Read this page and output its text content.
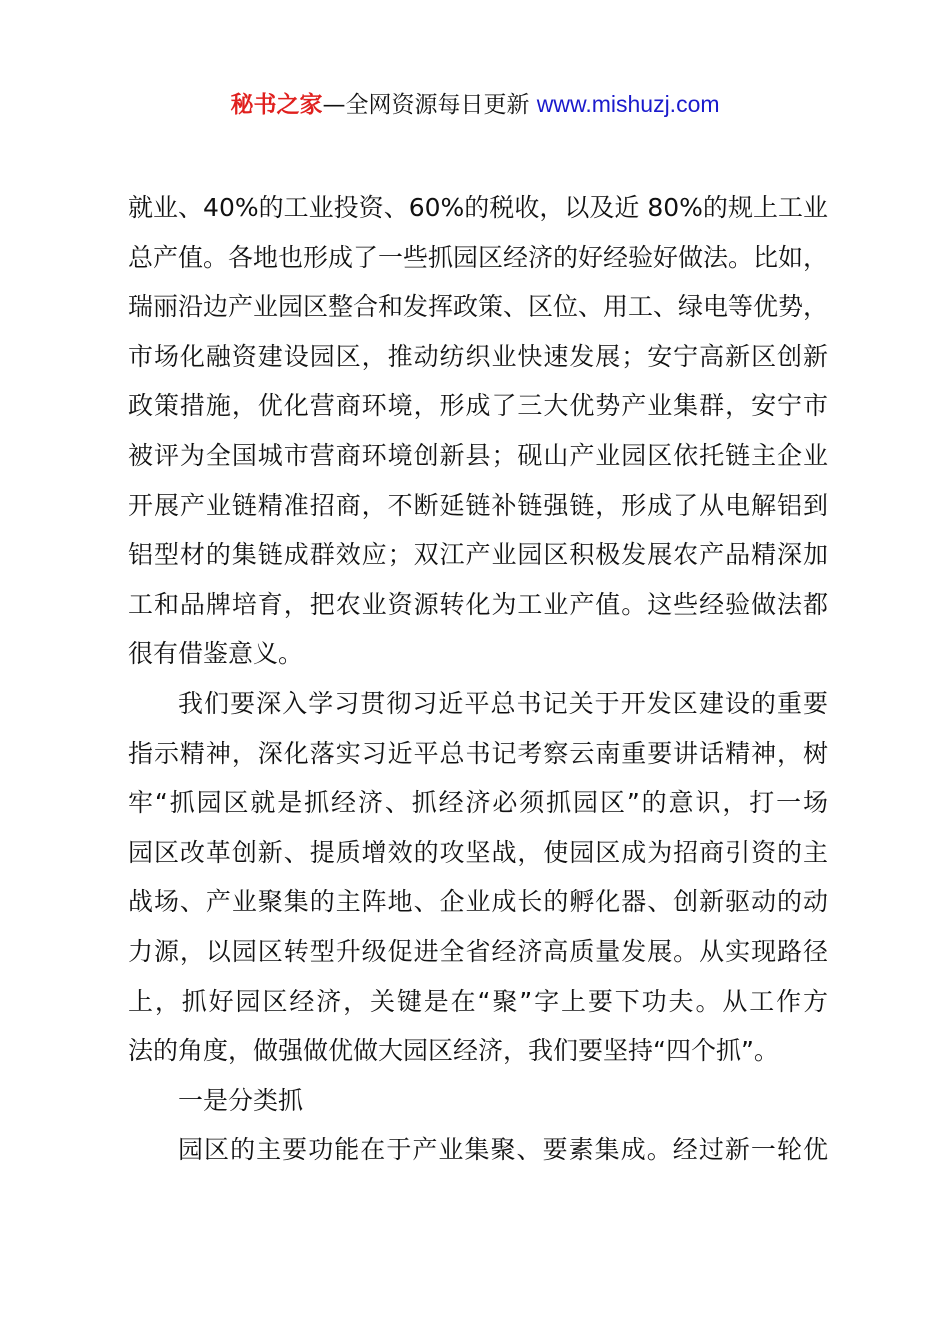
秘书之家—全网资源每日更新 www.mishuzj.com
就业、40%的工业投资、60%的税收，以及近 80%的规上工业
总产值。各地也形成了一些抓园区经济的好经验好做法。比如，
瑞丽沿边产业园区整合和发挥政策、区位、用工、绿电等优势，
市场化融资建设园区，推动纺织业快速发展；安宁高新区创新
政策措施，优化营商环境，形成了三大优势产业集群，安宁市
被评为全国城市营商环境创新县；砚山产业园区依托链主企业
开展产业链精准招商，不断延链补链强链，形成了从电解铝到
铝型材的集链成群效应；双江产业园区积极发展农产品精深加
工和品牌培育，把农业资源转化为工业产值。这些经验做法都
很有借鉴意义。
我们要深入学习贯彻习近平总书记关于开发区建设的重要
指示精神，深化落实习近平总书记考察云南重要讲话精神，树
牢“抓园区就是抓经济、抓经济必须抓园区”的意识，打一场
园区改革创新、提质增效的攻坚战，使园区成为招商引资的主
战场、产业聚集的主阵地、企业成长的孵化器、创新驱动的动
力源，以园区转型升级促进全省经济高质量发展。从实现路径
上，抓好园区经济，关键是在“聚”字上要下功夫。从工作方
法的角度，做强做优做大园区经济，我们要坚持“四个抓”。
一是分类抓
园区的主要功能在于产业集聚、要素集成。经过新一轮优
